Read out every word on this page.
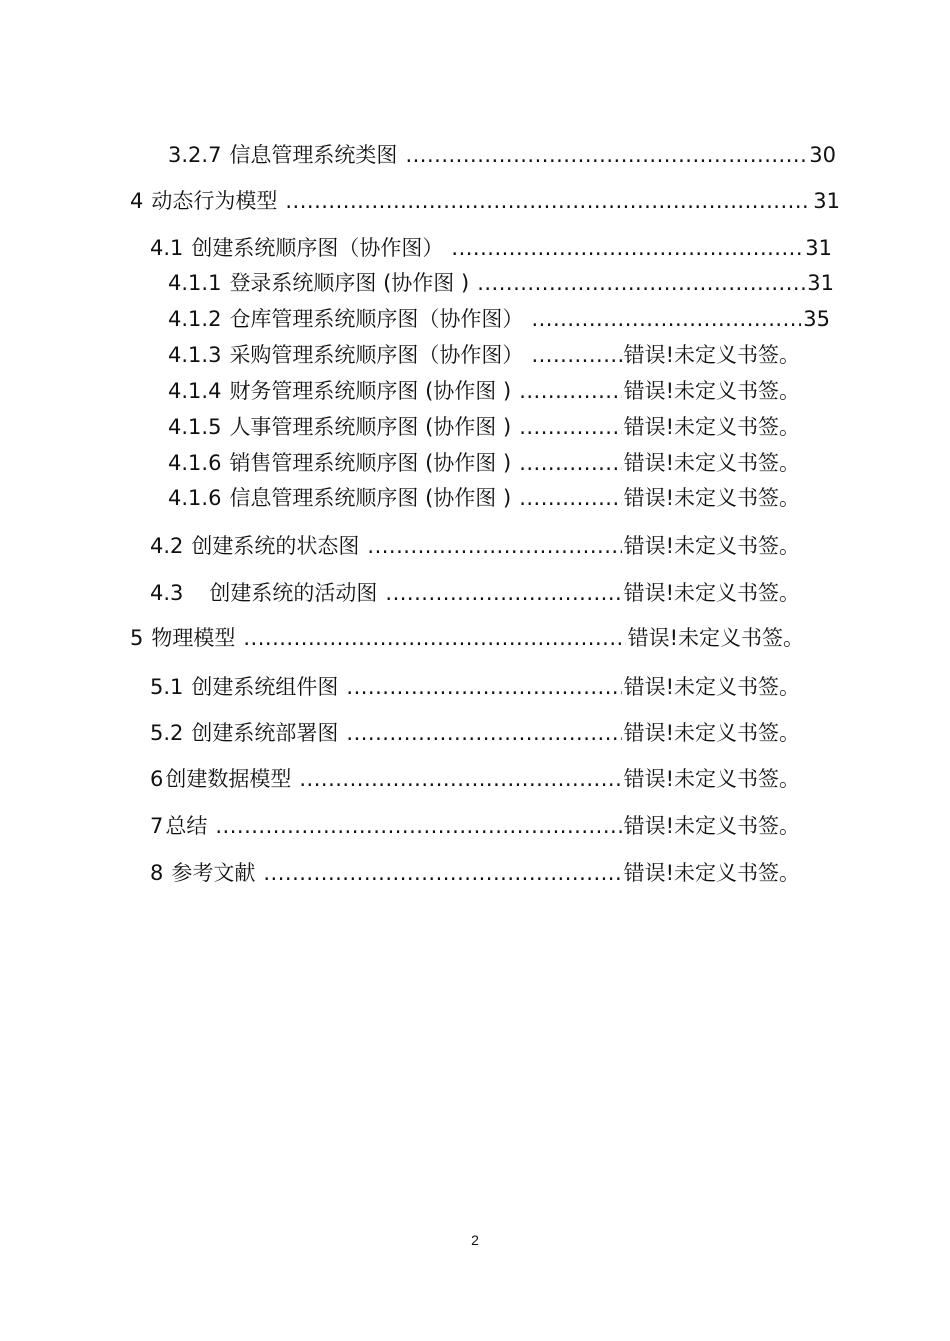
3.2.7 信息管理系统类图 .....	30
4 动态行为模型 .....	31
4.1 创建系统顺序图（协作图） .....	31
4.1.1 登录系统顺序图 (协作图 ) .....	31
4.1.2 仓库管理系统顺序图（协作图） .....	35
4.1.3 采购管理系统顺序图（协作图） .....	错误!未定义书签。
4.1.4 财务管理系统顺序图 (协作图 ) .....	错误!未定义书签。
4.1.5 人事管理系统顺序图 (协作图 ) .....	错误!未定义书签。
4.1.6 销售管理系统顺序图 (协作图 ) .....	错误!未定义书签。
4.1.6 信息管理系统顺序图 (协作图 ) .....	错误!未定义书签。
4.2 创建系统的状态图 .....	错误!未定义书签。
4.3 创建系统的活动图 .....	错误!未定义书签。
5 物理模型 .....	错误!未定义书签。
5.1 创建系统组件图 .....	错误!未定义书签。
5.2 创建系统部署图 .....	错误!未定义书签。
6 创建数据模型 .....	错误!未定义书签。
7 总结 .....	错误!未定义书签。
8 参考文献 .....	错误!未定义书签。
2
